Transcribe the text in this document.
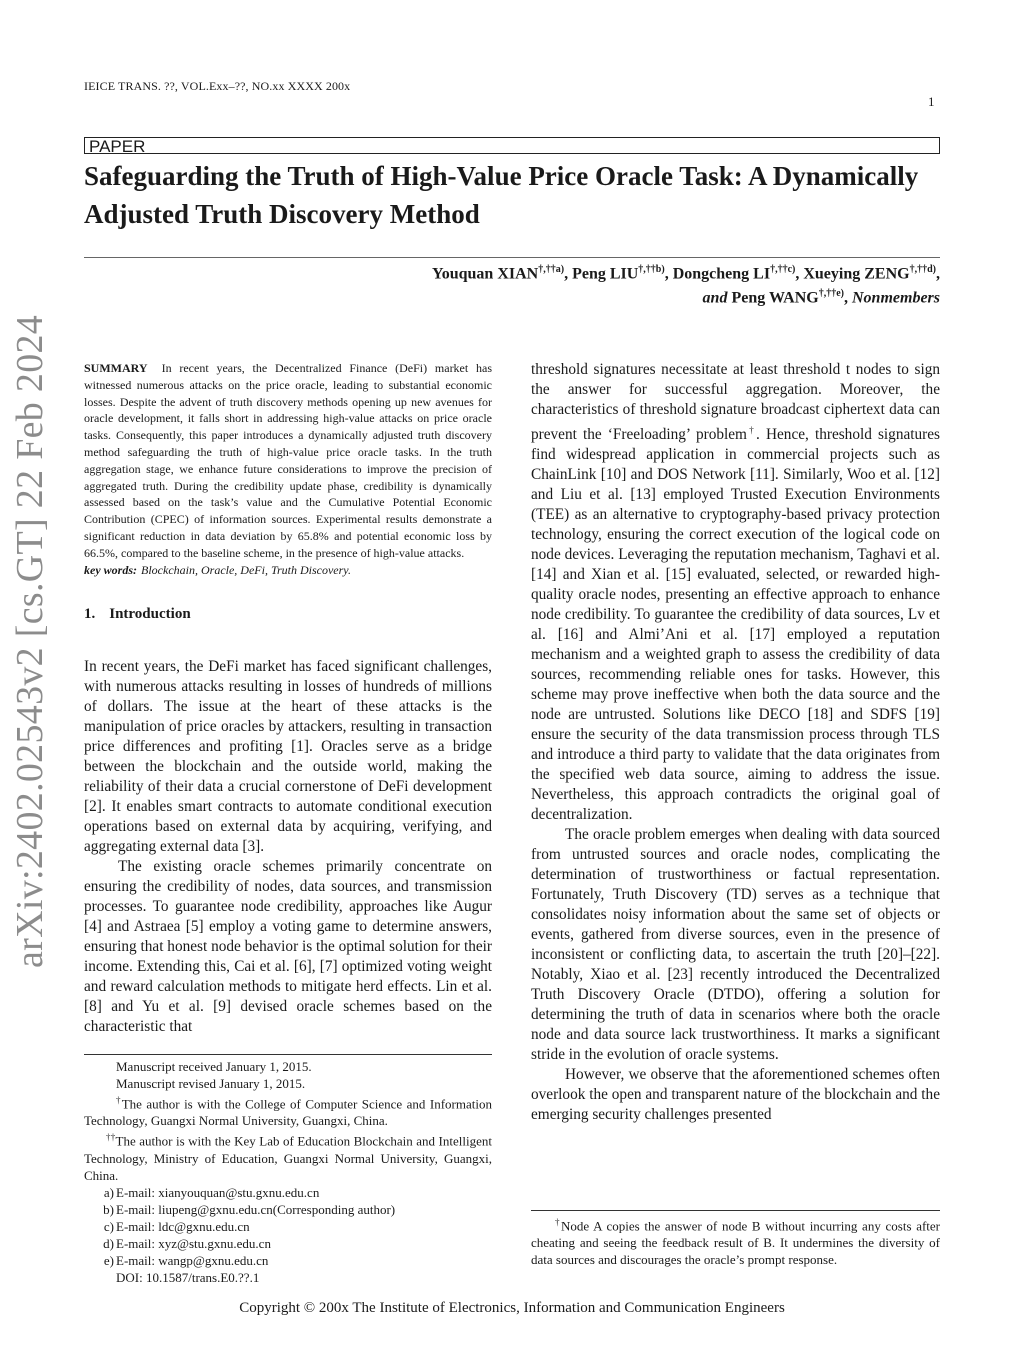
IEICE TRANS. ??, VOL.Exx–??, NO.xx XXXX 200x
1
PAPER
Safeguarding the Truth of High-Value Price Oracle Task: A Dynamically Adjusted Truth Discovery Method
Youquan $XIAN^{\dagger,\dagger\dagger a)}$, Peng $LIU^{\dagger,\dagger\dagger b)}$, Dongcheng $LI^{\dagger,\dagger\dagger c)}$, Xueying $ZENG^{\dagger,\dagger\dagger d)}$,
and Peng $WANG^{\dagger,\dagger\dagger e)}$, Nonmembers
arXiv:2402.02543v2 [cs.GT] 22 Feb 2024	SUMMARY In recent years, the Decentralized Finance (DeFi) market has witnessed numerous attacks on the price oracle, leading to substantial economic losses. Despite the advent of truth discovery methods opening up new avenues for oracle development, it falls short in addressing high-value attacks on price oracle tasks. Consequently, this paper introduces a dynamically adjusted truth discovery method safeguarding the truth of high-value price oracle tasks. In the truth aggregation stage, we enhance future considerations to improve the precision of aggregated truth. During the credibility update phase, credibility is dynamically assessed based on the task’s value and the Cumulative Potential Economic Contribution (CPEC) of information sources. Experimental results demonstrate a significant reduction in data deviation by 65.8% and potential economic loss by 66.5%, compared to the baseline scheme, in the presence of high-value attacks.
key words: Blockchain, Oracle, DeFi, Truth Discovery.
1. Introduction

In recent years, the DeFi market has faced significant challenges, with numerous attacks resulting in losses of hundreds of millions of dollars. The issue at the heart of these attacks is the manipulation of price oracles by attackers, resulting in transaction price differences and profiting [1]. Oracles serve as a bridge between the blockchain and the outside world, making the reliability of their data a crucial cornerstone of DeFi development [2]. It enables smart contracts to automate conditional execution operations based on external data by acquiring, verifying, and aggregating external data [3].

The existing oracle schemes primarily concentrate on ensuring the credibility of nodes, data sources, and transmission processes. To guarantee node credibility, approaches like Augur [4] and Astraea [5] employ a voting game to determine answers, ensuring that honest node behavior is the optimal solution for their income. Extending this, Cai et al. [6], [7] optimized voting weight and reward calculation methods to mitigate herd effects. Lin et al. [8] and Yu et al. [9] devised oracle schemes based on the characteristic that

Manuscript received January 1, 2015.
Manuscript revised January 1, 2015.
†The author is with the College of Computer Science and Information Technology, Guangxi Normal University, Guangxi, China.
††The author is with the Key Lab of Education Blockchain and Intelligent Technology, Ministry of Education, Guangxi Normal University, Guangxi, China.
a) E-mail: xianyouquan@stu.gxnu.edu.cn
b) E-mail: liupeng@gxnu.edu.cn(Corresponding author)
c) E-mail: ldc@gxnu.edu.cn
d) E-mail: xyz@stu.gxnu.edu.cn
e) E-mail: wangp@gxnu.edu.cn
DOI: 10.1587/trans.E0.??.1

threshold signatures necessitate at least threshold t nodes to sign the answer for successful aggregation. Moreover, the characteristics of threshold signature broadcast ciphertext data can prevent the ‘Freeloading’ problem†. Hence, threshold signatures find widespread application in commercial projects such as ChainLink [10] and DOS Network [11]. Similarly, Woo et al. [12] and Liu et al. [13] employed Trusted Execution Environments (TEE) as an alternative to cryptography-based privacy protection technology, ensuring the correct execution of the logical code on node devices. Leveraging the reputation mechanism, Taghavi et al. [14] and Xian et al. [15] evaluated, selected, or rewarded high-quality oracle nodes, presenting an effective approach to enhance node credibility. To guarantee the credibility of data sources, Lv et al. [16] and Almi’Ani et al. [17] employed a reputation mechanism and a weighted graph to assess the credibility of data sources, recommending reliable ones for tasks. However, this scheme may prove ineffective when both the data source and the node are untrusted. Solutions like DECO [18] and SDFS [19] ensure the security of the data transmission process through TLS and introduce a third party to validate that the data originates from the specified web data source, aiming to address the issue. Nevertheless, this approach contradicts the original goal of decentralization.

The oracle problem emerges when dealing with data sourced from untrusted sources and oracle nodes, complicating the determination of trustworthiness or factual representation. Fortunately, Truth Discovery (TD) serves as a technique that consolidates noisy information about the same set of objects or events, gathered from diverse sources, even in the presence of inconsistent or conflicting data, to ascertain the truth [20]–[22]. Notably, Xiao et al. [23] recently introduced the Decentralized Truth Discovery Oracle (DTDO), offering a solution for determining the truth of data in scenarios where both the oracle node and data source lack trustworthiness. It marks a significant stride in the evolution of oracle systems.

However, we observe that the aforementioned schemes often overlook the open and transparent nature of the blockchain and the emerging security challenges presented

†Node A copies the answer of node B without incurring any costs after cheating and seeing the feedback result of B. It undermines the diversity of data sources and discourages the oracle’s prompt response.
Copyright © 200x The Institute of Electronics, Information and Communication Engineers
